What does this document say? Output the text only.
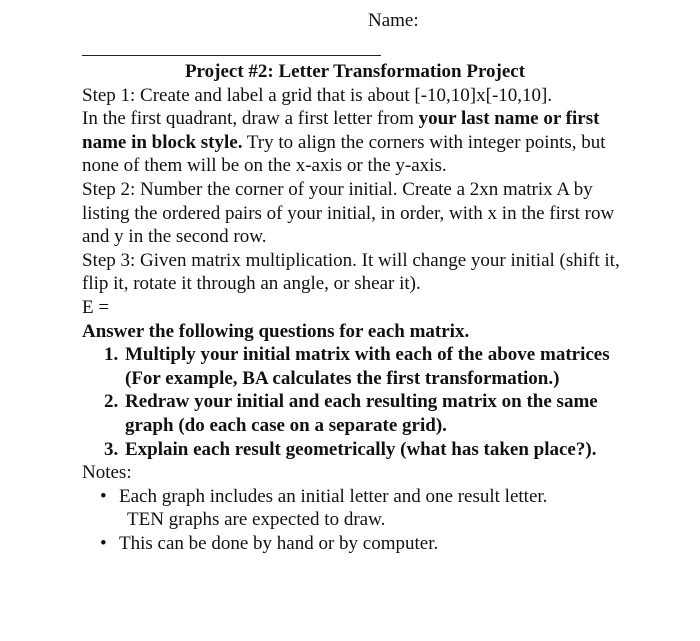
Name:
Project #2: Letter Transformation Project

Step 1: Create and label a grid that is about [-10,10]x[-10,10].
In the first quadrant, draw a first letter from your last name or first name in block style. Try to align the corners with integer points, but none of them will be on the x-axis or the y-axis.

Step 2: Number the corner of your initial. Create a 2xn matrix A by listing the ordered pairs of your initial, in order, with x in the first row and y in the second row.

Step 3: Given matrix multiplication. It will change your initial (shift it, flip it, rotate it through an angle, or shear it).

E =

Answer the following questions for each matrix.

1. Multiply your initial matrix with each of the above matrices (For example, BA calculates the first transformation.)
2. Redraw your initial and each resulting matrix on the same graph (do each case on a separate grid).
3. Explain each result geometrically (what has taken place?).

Notes:

• Each graph includes an initial letter and one result letter.
TEN graphs are expected to draw.
• This can be done by hand or by computer.
